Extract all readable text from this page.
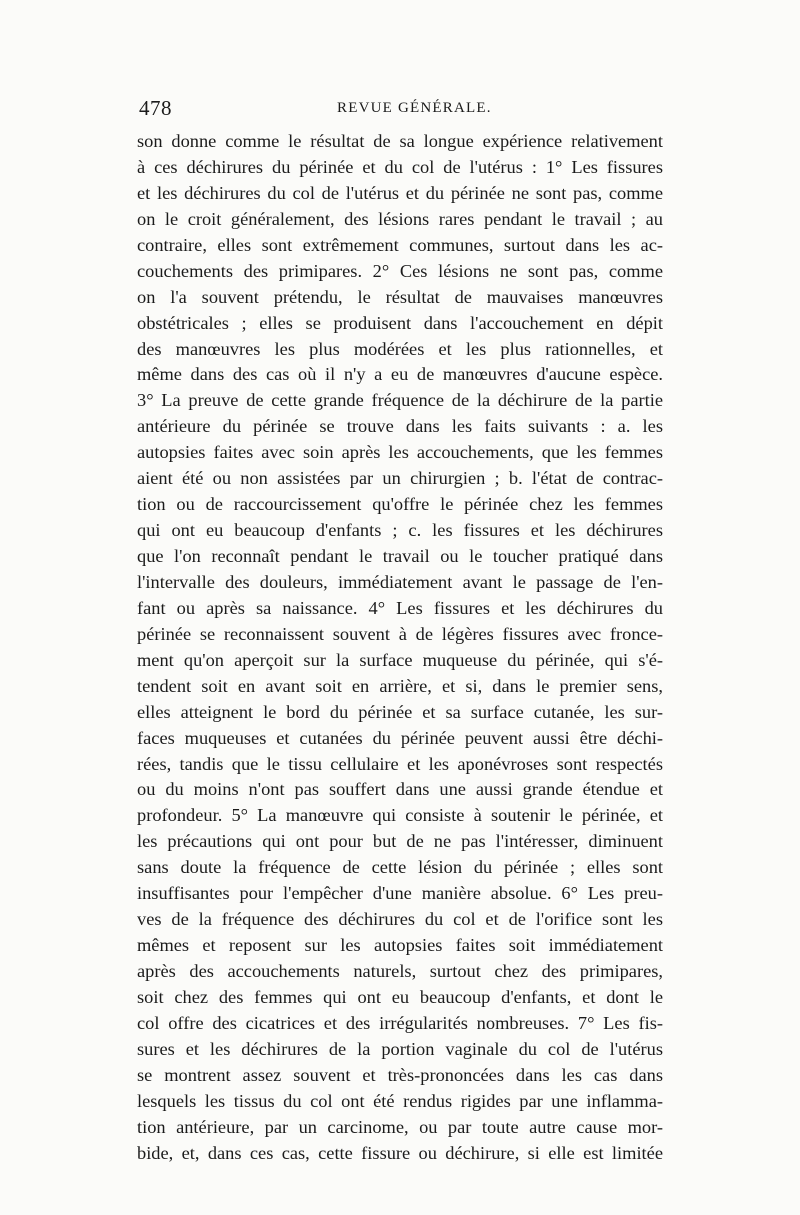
478	REVUE GÉNÉRALE.
son donne comme le résultat de sa longue expérience relativement
à ces déchirures du périnée et du col de l'utérus : 1° Les fissures
et les déchirures du col de l'utérus et du périnée ne sont pas, comme
on le croit généralement, des lésions rares pendant le travail ; au
contraire, elles sont extrêmement communes, surtout dans les ac-
couchements des primipares. 2° Ces lésions ne sont pas, comme
on l'a souvent prétendu, le résultat de mauvaises manœuvres
obstétricales ; elles se produisent dans l'accouchement en dépit
des manœuvres les plus modérées et les plus rationnelles, et
même dans des cas où il n'y a eu de manœuvres d'aucune espèce.
3° La preuve de cette grande fréquence de la déchirure de la partie
antérieure du périnée se trouve dans les faits suivants : a. les
autopsies faites avec soin après les accouchements, que les femmes
aient été ou non assistées par un chirurgien ; b. l'état de contrac-
tion ou de raccourcissement qu'offre le périnée chez les femmes
qui ont eu beaucoup d'enfants ; c. les fissures et les déchirures
que l'on reconnaît pendant le travail ou le toucher pratiqué dans
l'intervalle des douleurs, immédiatement avant le passage de l'en-
fant ou après sa naissance. 4° Les fissures et les déchirures du
périnée se reconnaissent souvent à de légères fissures avec froncе-
ment qu'on aperçoit sur la surface muqueuse du périnée, qui s'é-
tendent soit en avant soit en arrière, et si, dans le premier sens,
elles atteignent le bord du périnée et sa surface cutanée, les sur-
faces muqueuses et cutanées du périnée peuvent aussi être déchi-
rées, tandis que le tissu cellulaire et les aponévroses sont respectés
ou du moins n'ont pas souffert dans une aussi grande étendue et
profondeur. 5° La manœuvre qui consiste à soutenir le périnée, et
les précautions qui ont pour but de ne pas l'intéresser, diminuent
sans doute la fréquence de cette lésion du périnée ; elles sont
insuffisantes pour l'empêcher d'une manière absolue. 6° Les preu-
ves de la fréquence des déchirures du col et de l'orifice sont les
mêmes et reposent sur les autopsies faites soit immédiatement
après des accouchements naturels, surtout chez des primipares,
soit chez des femmes qui ont eu beaucoup d'enfants, et dont le
col offre des cicatrices et des irrégularités nombreuses. 7° Les fis-
sures et les déchirures de la portion vaginale du col de l'utérus
se montrent assez souvent et très-prononcées dans les cas dans
lesquels les tissus du col ont été rendus rigides par une inflamma-
tion antérieure, par un carcinome, ou par toute autre cause mor-
bide, et, dans ces cas, cette fissure ou déchirure, si elle est limitée
